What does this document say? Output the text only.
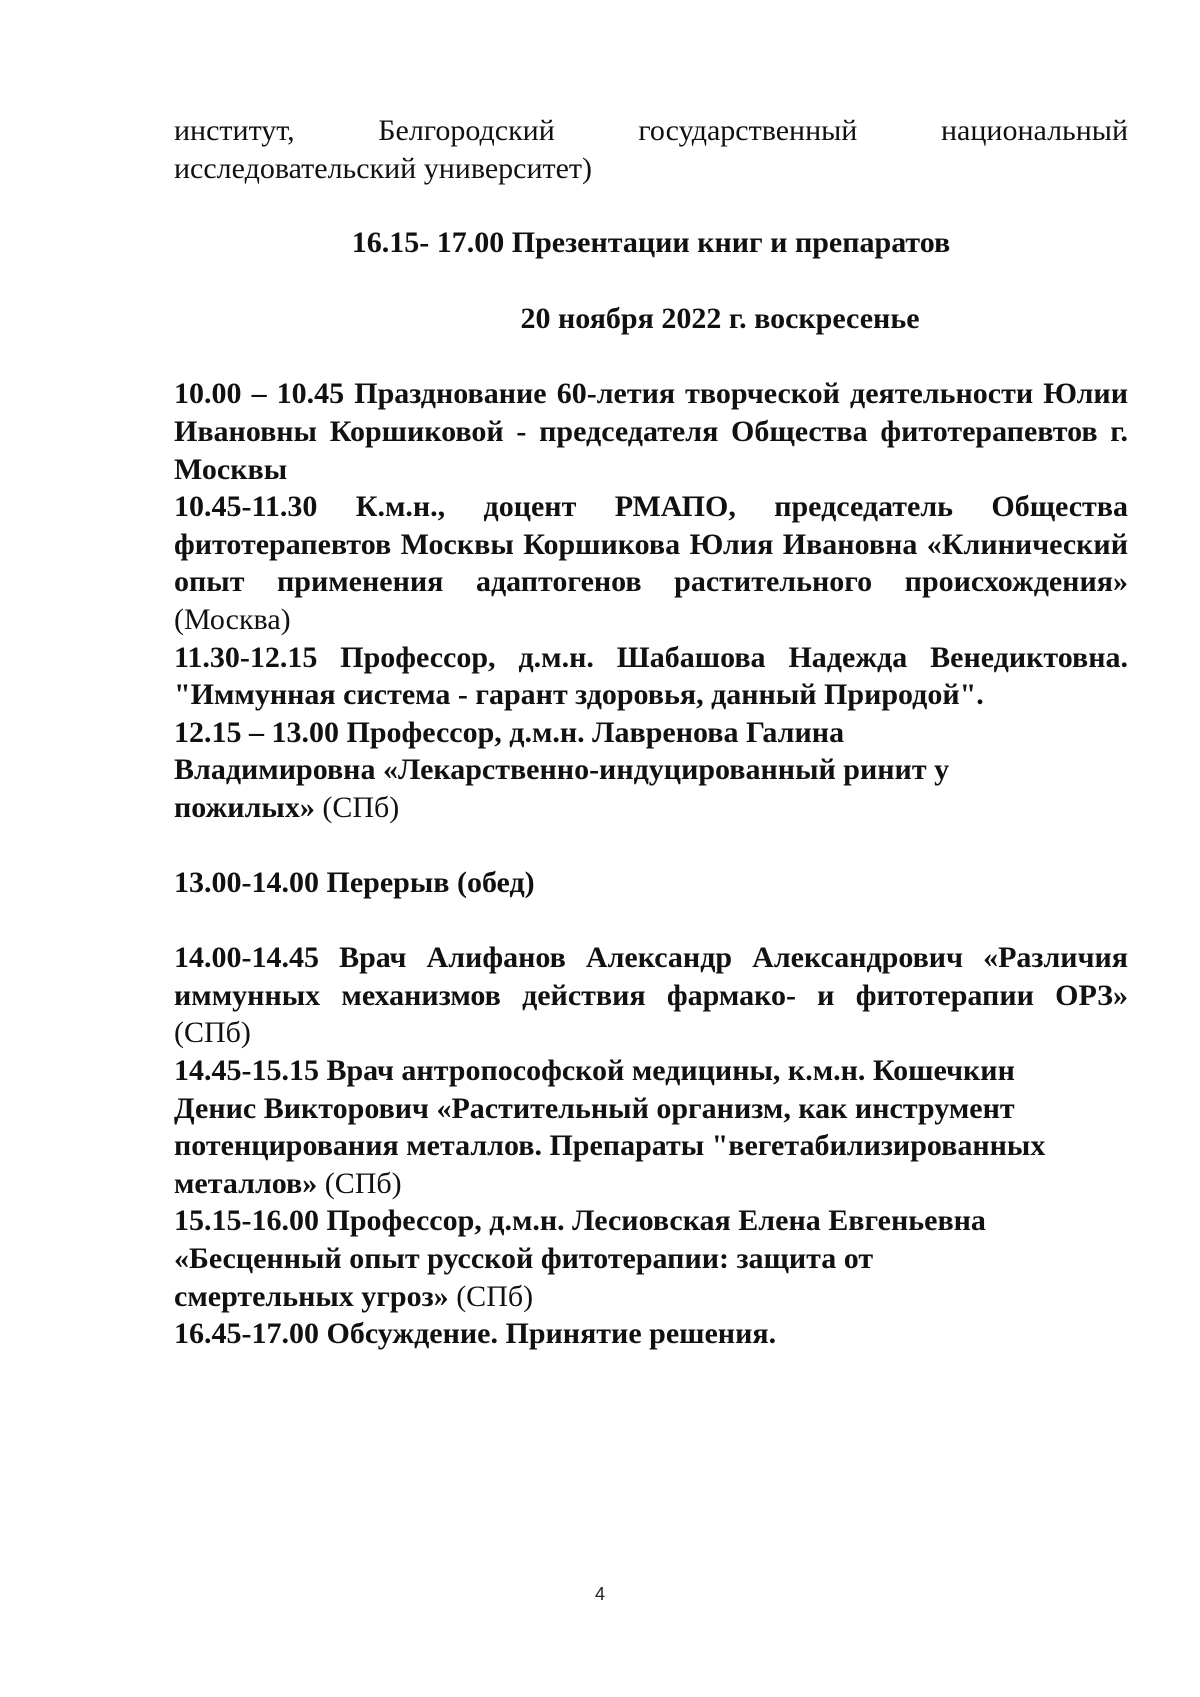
институт, Белгородский государственный национальный исследовательский университет)

16.15- 17.00 Презентации книг и препаратов

20 ноября 2022 г. воскресенье

10.00 – 10.45 Празднование 60-летия творческой деятельности Юлии Ивановны Коршиковой - председателя Общества фитотерапевтов г. Москвы

10.45-11.30 К.м.н., доцент РМАПО, председатель Общества фитотерапевтов Москвы Коршикова Юлия Ивановна «Клинический опыт применения адаптогенов растительного происхождения» (Москва)

11.30-12.15 Профессор, д.м.н. Шабашова Надежда Венедиктовна. "Иммунная система - гарант здоровья, данный Природой".

12.15 – 13.00 Профессор, д.м.н. Лавренова Галина
Владимировна «Лекарственно-индуцированный ринит у
пожилых» (СПб)

13.00-14.00 Перерыв (обед)

14.00-14.45 Врач Алифанов Александр Александрович «Различия иммунных механизмов действия фармако- и фитотерапии ОРЗ» (СПб)

14.45-15.15 Врач антропософской медицины, к.м.н. Кошечкин
Денис Викторович «Растительный организм, как инструмент
потенцирования металлов. Препараты "вегетабилизированных
металлов» (СПб)

15.15-16.00 Профессор, д.м.н. Лесиовская Елена Евгеньевна
«Бесценный опыт русской фитотерапии: защита от
смертельных угроз» (СПб)

16.45-17.00 Обсуждение. Принятие решения.

4
